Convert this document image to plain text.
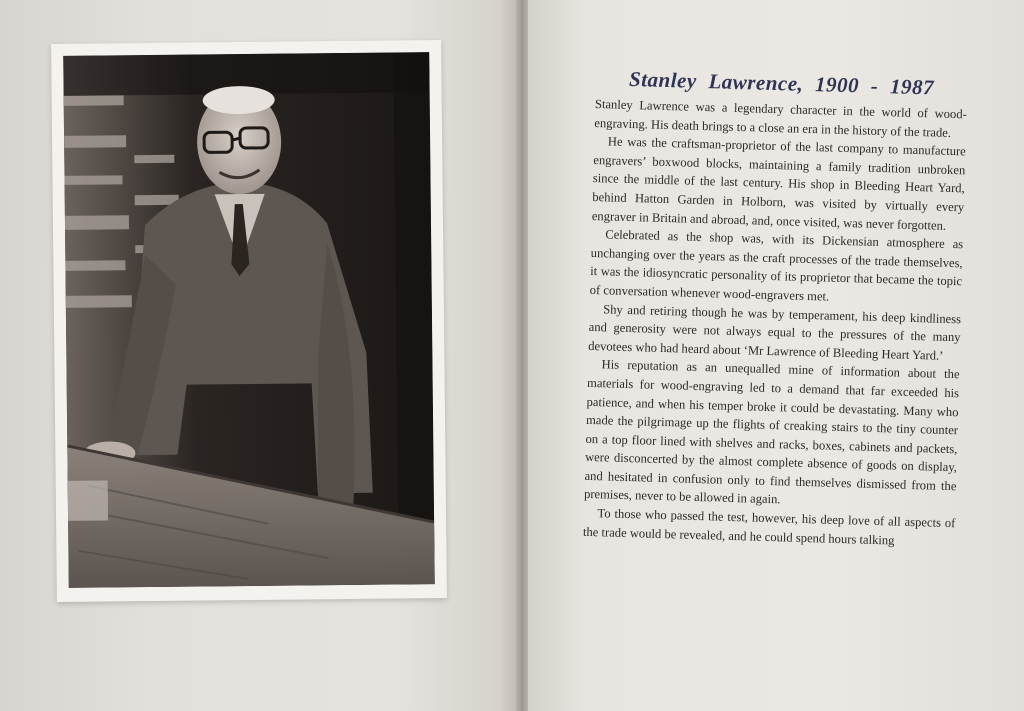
Stanley Lawrence, 1900 - 1987

Stanley Lawrence was a legendary character in the world of wood-engraving. His death brings to a close an era in the history of the trade.

He was the craftsman-proprietor of the last company to manufacture engravers’ boxwood blocks, maintaining a family tradition unbroken since the middle of the last century. His shop in Bleeding Heart Yard, behind Hatton Garden in Holborn, was visited by virtually every engraver in Britain and abroad, and, once visited, was never forgotten.

Celebrated as the shop was, with its Dickensian atmosphere as unchanging over the years as the craft processes of the trade themselves, it was the idiosyncratic personality of its proprietor that became the topic of conversation whenever wood-engravers met.

Shy and retiring though he was by temperament, his deep kindliness and generosity were not always equal to the pressures of the many devotees who had heard about ‘Mr Lawrence of Bleeding Heart Yard.’

His reputation as an unequalled mine of information about the materials for wood-engraving led to a demand that far exceeded his patience, and when his temper broke it could be devastating. Many who made the pilgrimage up the flights of creaking stairs to the tiny counter on a top floor lined with shelves and racks, boxes, cabinets and packets, were disconcerted by the almost complete absence of goods on display, and hesitated in confusion only to find themselves dismissed from the premises, never to be allowed in again.

To those who passed the test, however, his deep love of all aspects of the trade would be revealed, and he could spend hours talking
